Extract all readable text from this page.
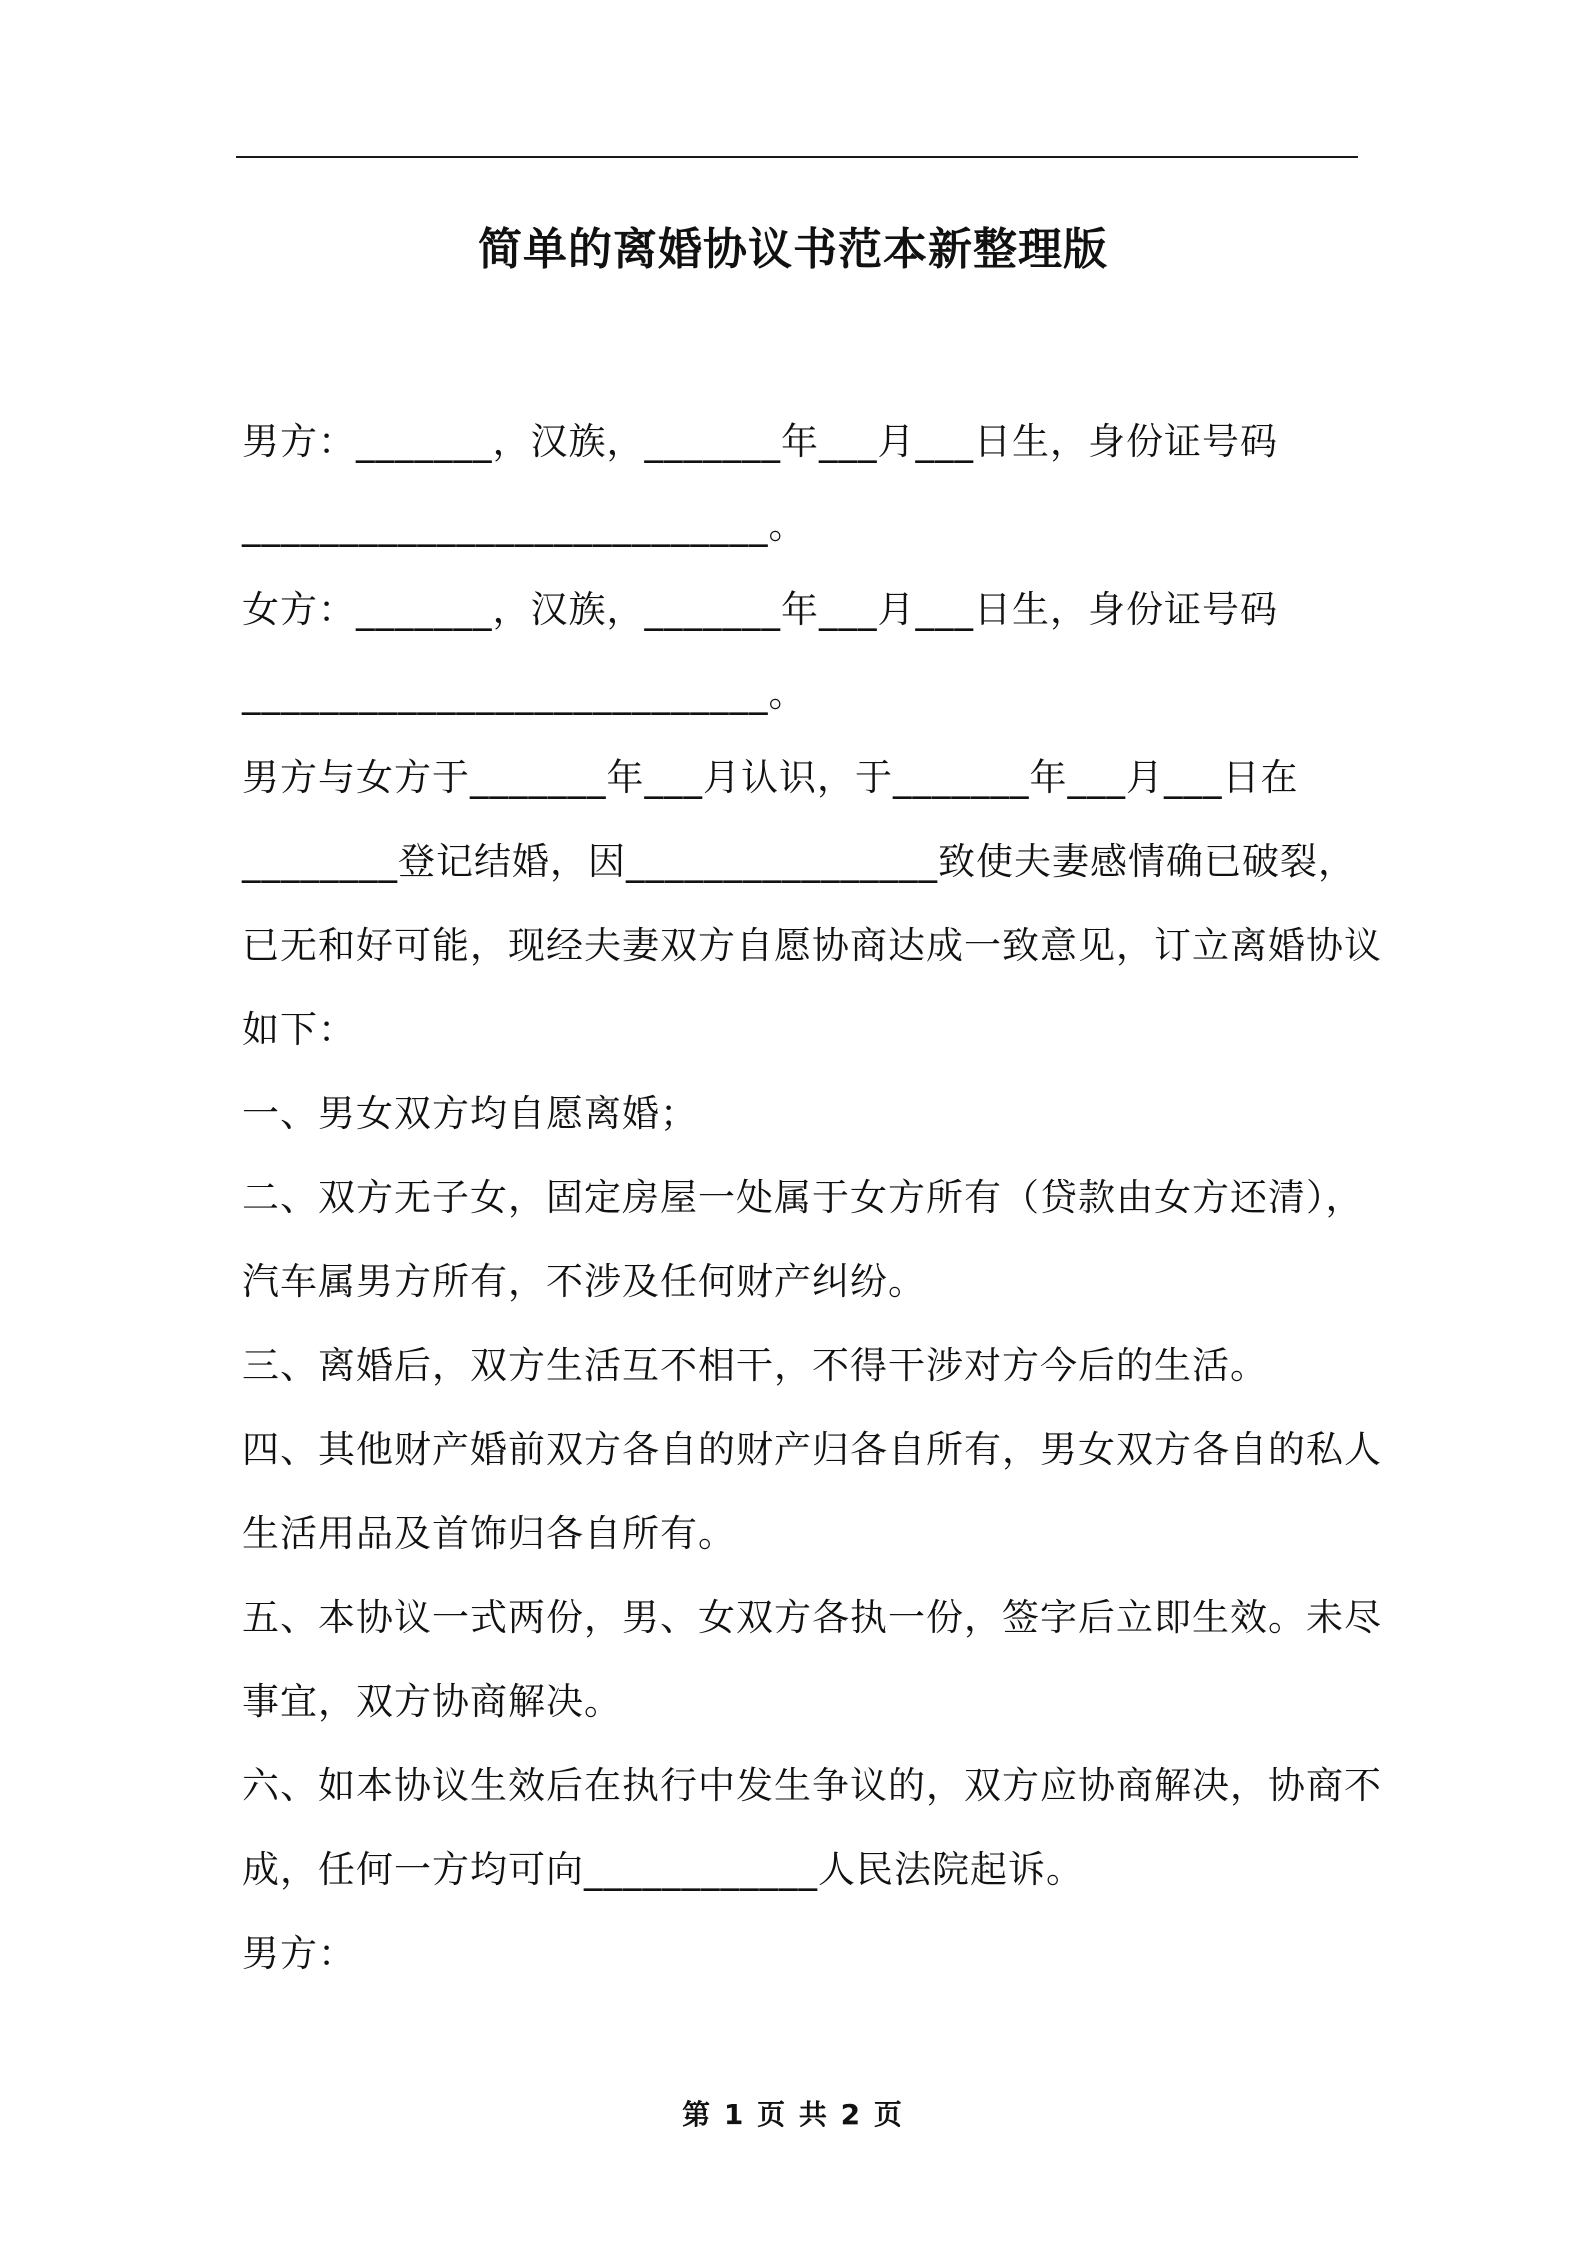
简单的离婚协议书范本新整理版
男方：_______，汉族，_______年___月___日生，身份证号码
___________________________。
女方：_______，汉族，_______年___月___日生，身份证号码
___________________________。
男方与女方于_______年___月认识，于_______年___月___日在
________登记结婚，因________________致使夫妻感情确已破裂，
已无和好可能，现经夫妻双方自愿协商达成一致意见，订立离婚协议
如下：
一、男女双方均自愿离婚；
二、双方无子女，固定房屋一处属于女方所有（贷款由女方还清），
汽车属男方所有，不涉及任何财产纠纷。
三、离婚后，双方生活互不相干，不得干涉对方今后的生活。
四、其他财产婚前双方各自的财产归各自所有，男女双方各自的私人
生活用品及首饰归各自所有。
五、本协议一式两份，男、女双方各执一份，签字后立即生效。未尽
事宜，双方协商解决。
六、如本协议生效后在执行中发生争议的，双方应协商解决，协商不
成，任何一方均可向____________人民法院起诉。
男方：
第 1 页 共 2 页
